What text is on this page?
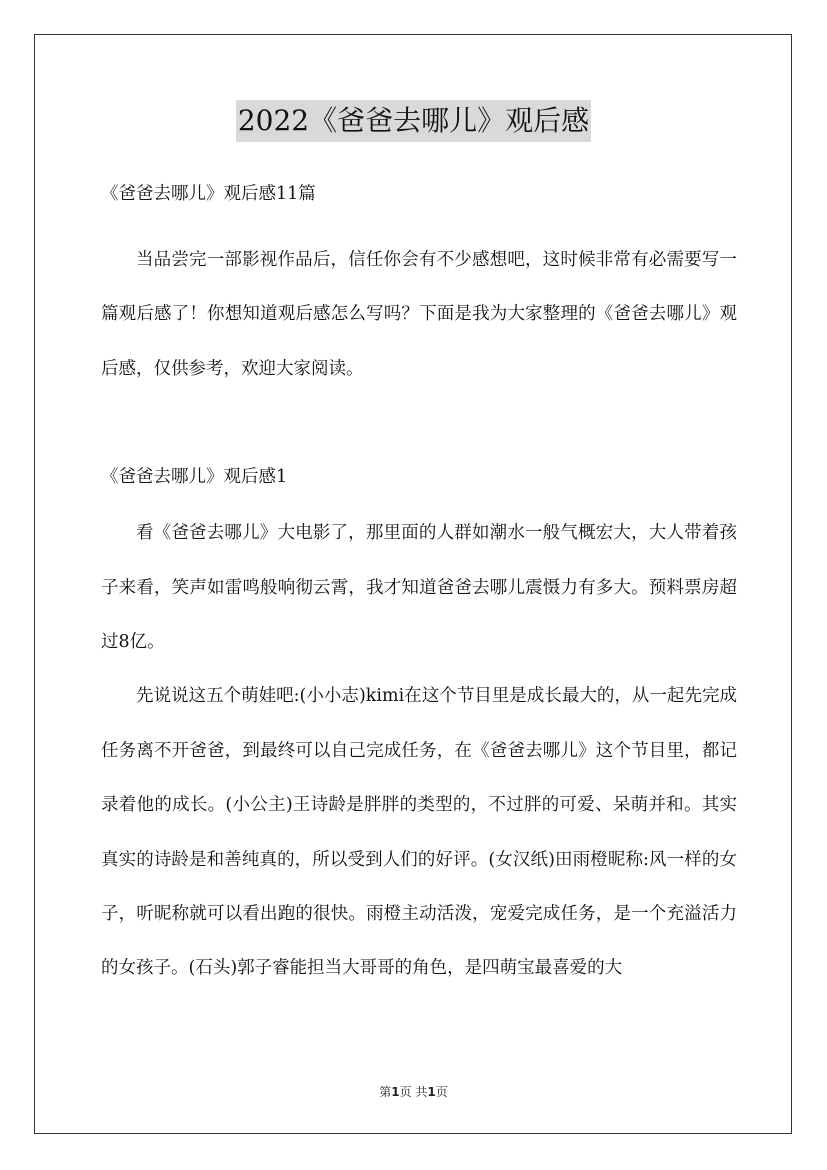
2022《爸爸去哪儿》观后感

《爸爸去哪儿》观后感11篇

当品尝完一部影视作品后，信任你会有不少感想吧，这时候非常有必需要写一篇观后感了！你想知道观后感怎么写吗？下面是我为大家整理的《爸爸去哪儿》观后感，仅供参考，欢迎大家阅读。

《爸爸去哪儿》观后感1

看《爸爸去哪儿》大电影了，那里面的人群如潮水一般气概宏大，大人带着孩子来看，笑声如雷鸣般响彻云霄，我才知道爸爸去哪儿震慑力有多大。预料票房超过8亿。

先说说这五个萌娃吧:(小小志)kimi在这个节目里是成长最大的，从一起先完成任务离不开爸爸，到最终可以自己完成任务，在《爸爸去哪儿》这个节目里，都记录着他的成长。(小公主)王诗龄是胖胖的类型的，不过胖的可爱、呆萌并和。其实真实的诗龄是和善纯真的，所以受到人们的好评。(女汉纸)田雨橙昵称:风一样的女子，听昵称就可以看出跑的很快。雨橙主动活泼，宠爱完成任务，是一个充溢活力的女孩子。(石头)郭子睿能担当大哥哥的角色，是四萌宝最喜爱的大

第1页 共1页
